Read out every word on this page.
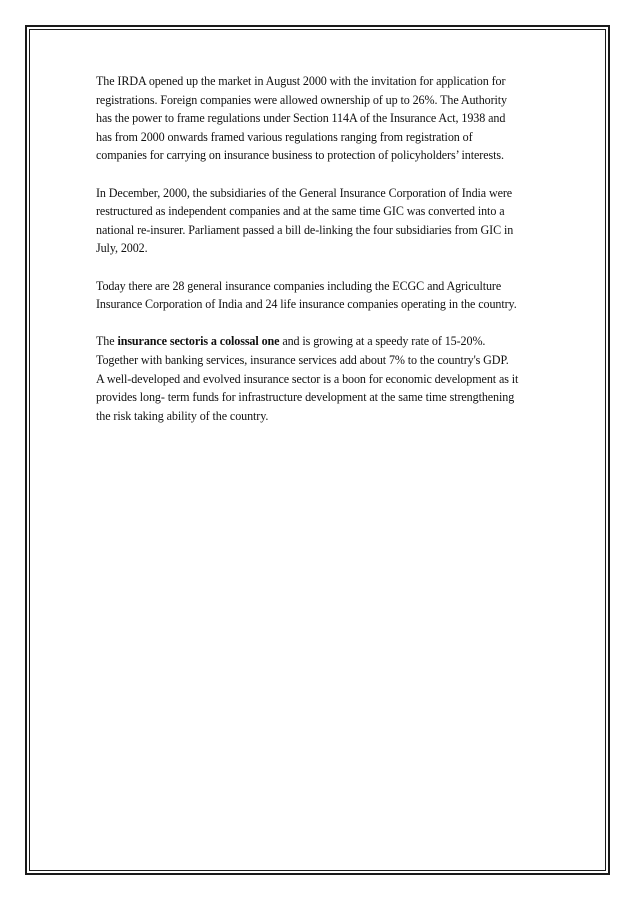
The IRDA opened up the market in August 2000 with the invitation for application for
registrations. Foreign companies were allowed ownership of up to 26%. The Authority
has the power to frame regulations under Section 114A of the Insurance Act, 1938 and
has from 2000 onwards framed various regulations ranging from registration of
companies for carrying on insurance business to protection of policyholders’ interests.

In December, 2000, the subsidiaries of the General Insurance Corporation of India were
restructured as independent companies and at the same time GIC was converted into a
national re-insurer. Parliament passed a bill de-linking the four subsidiaries from GIC in
July, 2002.

Today there are 28 general insurance companies including the ECGC and Agriculture
Insurance Corporation of India and 24 life insurance companies operating in the country.

The insurance sectoris a colossal one and is growing at a speedy rate of 15-20%.
Together with banking services, insurance services add about 7% to the country's GDP.
A well-developed and evolved insurance sector is a boon for economic development as it
provides long- term funds for infrastructure development at the same time strengthening
the risk taking ability of the country.
